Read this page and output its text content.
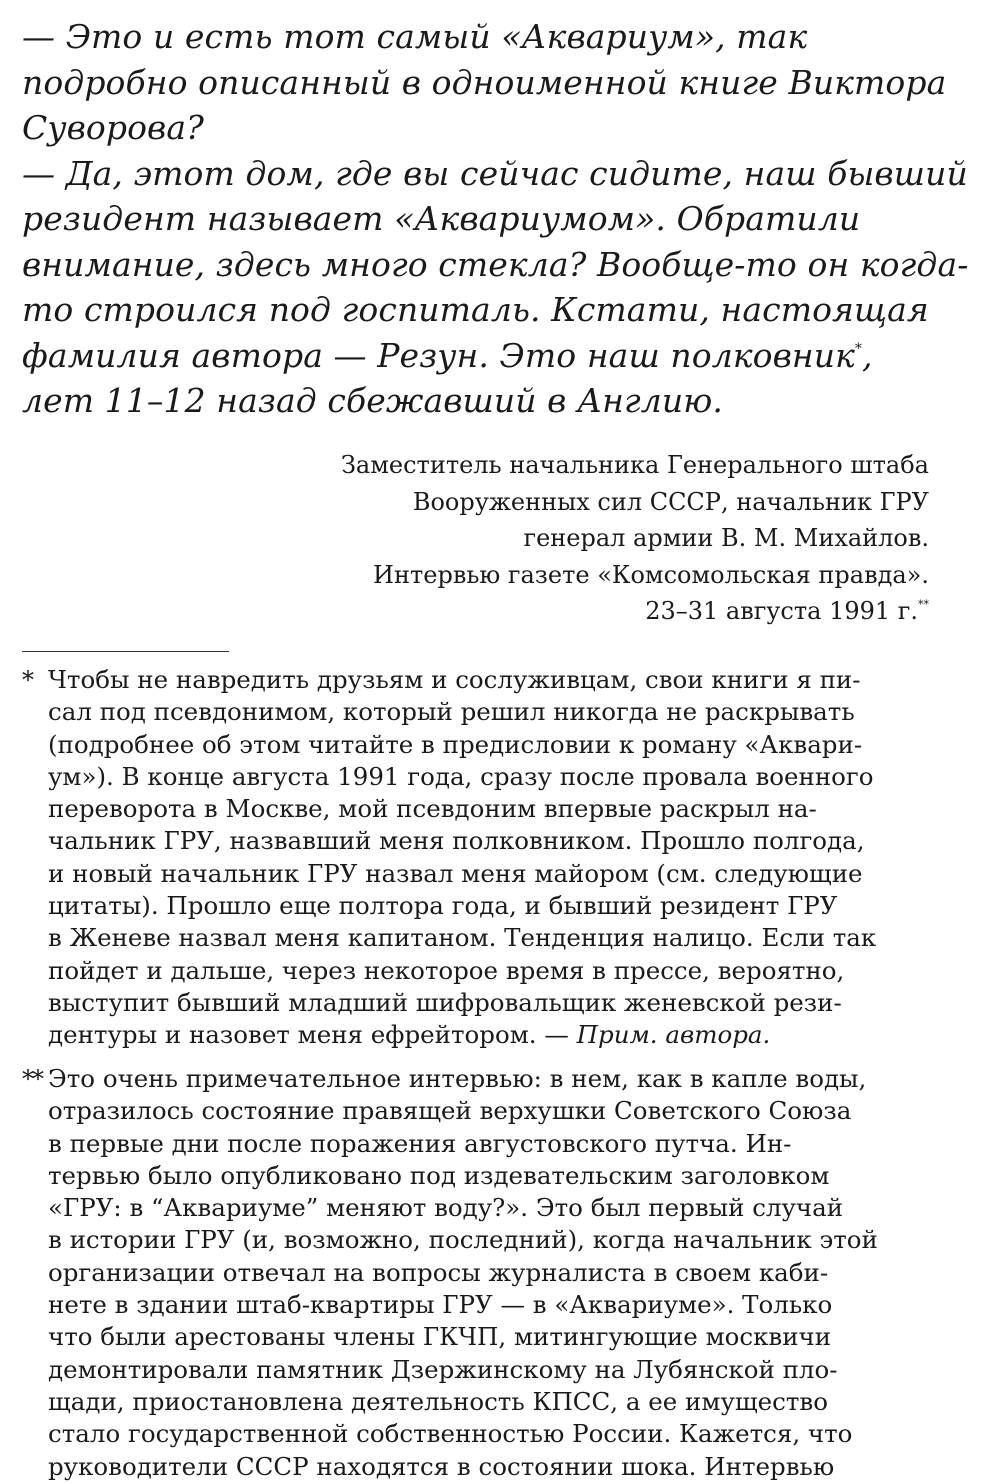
— Это и есть тот самый «Аквариум», так
подробно описанный в одноименной книге Виктора
Суворова?
— Да, этот дом, где вы сейчас сидите, наш бывший
резидент называет «Аквариумом». Обратили
внимание, здесь много стекла? Вообще-то он когда-
то строился под госпиталь. Кстати, настоящая
фамилия автора — Резун. Это наш полковник*,
лет 11–12 назад сбежавший в Англию.
Заместитель начальника Генерального штаба
Вооруженных сил СССР, начальник ГРУ
генерал армии В. М. Михайлов.
Интервью газете «Комсомольская правда».
23–31 августа 1991 г.**
* Чтобы не навредить друзьям и сослуживцам, свои книги я пи-
сал под псевдонимом, который решил никогда не раскрывать
(подробнее об этом читайте в предисловии к роману «Аквари-
ум»). В конце августа 1991 года, сразу после провала военного
переворота в Москве, мой псевдоним впервые раскрыл на-
чальник ГРУ, назвавший меня полковником. Прошло полгода,
и новый начальник ГРУ назвал меня майором (см. следующие
цитаты). Прошло еще полтора года, и бывший резидент ГРУ
в Женеве назвал меня капитаном. Тенденция налицо. Если так
пойдет и дальше, через некоторое время в прессе, вероятно,
выступит бывший младший шифровальщик женевской рези-
дентуры и назовет меня ефрейтором. — Прим. автора.
** Это очень примечательное интервью: в нем, как в капле воды,
отразилось состояние правящей верхушки Советского Союза
в первые дни после поражения августовского путча. Ин-
тервью было опубликовано под издевательским заголовком
«ГРУ: в “Аквариуме” меняют воду?». Это был первый случай
в истории ГРУ (и, возможно, последний), когда начальник этой
организации отвечал на вопросы журналиста в своем каби-
нете в здании штаб-квартиры ГРУ — в «Аквариуме». Только
что были арестованы члены ГКЧП, митингующие москвичи
демонтировали памятник Дзержинскому на Лубянской пло-
щади, приостановлена деятельность КПСС, а ее имущество
стало государственной собственностью России. Кажется, что
руководители СССР находятся в состоянии шока. Интервью
